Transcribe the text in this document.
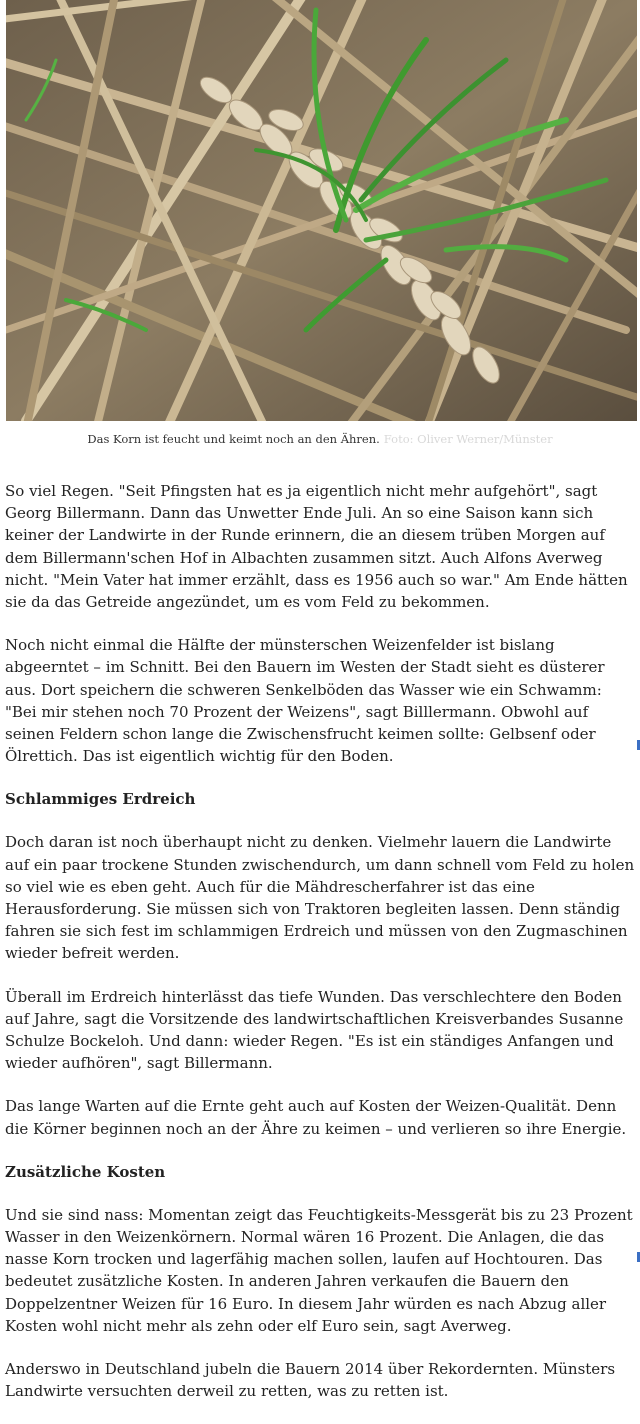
Das Korn ist feucht und keimt noch an den Ähren. Foto: Oliver Werner/Münster

So viel Regen. "Seit Pfingsten hat es ja eigentlich nicht mehr aufgehört", sagt Georg Billermann. Dann das Unwetter Ende Juli. An so eine Saison kann sich keiner der Landwirte in der Runde erinnern, die an diesem trüben Morgen auf dem Billermann'schen Hof in Albachten zusammen sitzt. Auch Alfons Averweg nicht. "Mein Vater hat immer erzählt, dass es 1956 auch so war." Am Ende hätten sie da das Getreide angezündet, um es vom Feld zu bekommen.

Noch nicht einmal die Hälfte der münsterschen Weizenfelder ist bislang abgeerntet – im Schnitt. Bei den Bauern im Westen der Stadt sieht es düsterer aus. Dort speichern die schweren Senkelböden das Wasser wie ein Schwamm: "Bei mir stehen noch 70 Prozent der Weizens", sagt Billlermann. Obwohl auf seinen Feldern schon lange die Zwischensfrucht keimen sollte: Gelbsenf oder Ölrettich. Das ist eigentlich wichtig für den Boden.

Schlammiges Erdreich

Doch daran ist noch überhaupt nicht zu denken. Vielmehr lauern die Landwirte auf ein paar trockene Stunden zwischendurch, um dann schnell vom Feld zu holen so viel wie es eben geht. Auch für die Mähdrescherfahrer ist das eine Herausforderung. Sie müssen sich von Traktoren begleiten lassen. Denn ständig fahren sie sich fest im schlammigen Erdreich und müssen von den Zugmaschinen wieder befreit werden.

Überall im Erdreich hinterlässt das tiefe Wunden. Das verschlechtere den Boden auf Jahre, sagt die Vorsitzende des landwirtschaftlichen Kreisverbandes Susanne Schulze Bockeloh. Und dann: wieder Regen. "Es ist ein ständiges Anfangen und wieder aufhören", sagt Billermann.

Das lange Warten auf die Ernte geht auch auf Kosten der Weizen-Qualität. Denn die Körner beginnen noch an der Ähre zu keimen – und verlieren so ihre Energie.

Zusätzliche Kosten

Und sie sind nass: Momentan zeigt das Feuchtigkeits-Messgerät bis zu 23 Prozent Wasser in den Weizenkörnern. Normal wären 16 Prozent. Die Anlagen, die das nasse Korn trocken und lagerfähig machen sollen, laufen auf Hochtouren. Das bedeutet zusätzliche Kosten. In anderen Jahren verkaufen die Bauern den Doppelzentner Weizen für 16 Euro. In diesem Jahr würden es nach Abzug aller Kosten wohl nicht mehr als zehn oder elf Euro sein, sagt Averweg.

Anderswo in Deutschland jubeln die Bauern 2014 über Rekordernten. Münsters Landwirte versuchten derweil zu retten, was zu retten ist.
